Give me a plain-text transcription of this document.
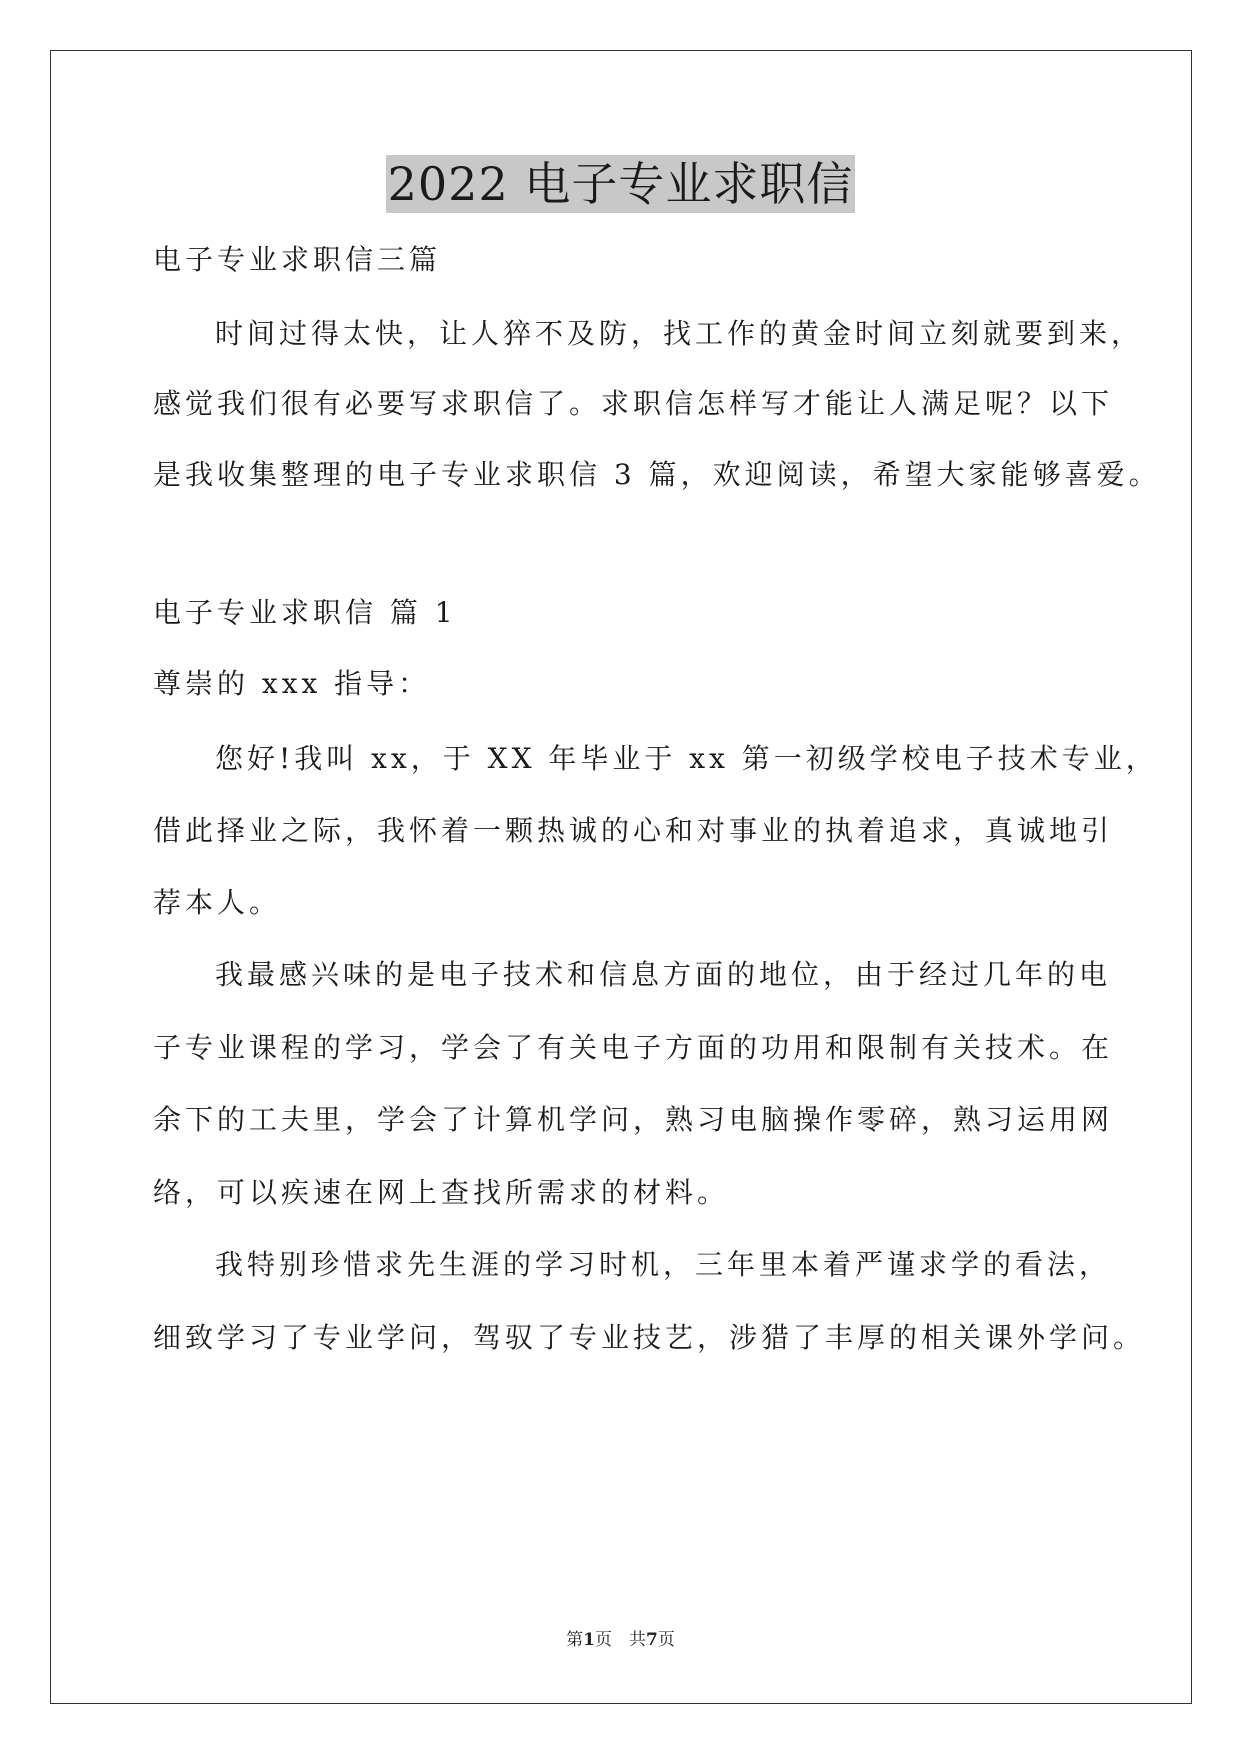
2022 电子专业求职信
电子专业求职信三篇
时间过得太快，让人猝不及防，找工作的黄金时间立刻就要到来，
感觉我们很有必要写求职信了。求职信怎样写才能让人满足呢？以下
是我收集整理的电子专业求职信 3 篇，欢迎阅读，希望大家能够喜爱。
电子专业求职信 篇 1
尊崇的 xxx 指导：
您好!我叫 xx，于 XX 年毕业于 xx 第一初级学校电子技术专业，
借此择业之际，我怀着一颗热诚的心和对事业的执着追求，真诚地引
荐本人。
我最感兴味的是电子技术和信息方面的地位，由于经过几年的电
子专业课程的学习，学会了有关电子方面的功用和限制有关技术。在
余下的工夫里，学会了计算机学问，熟习电脑操作零碎，熟习运用网
络，可以疾速在网上查找所需求的材料。
我特别珍惜求先生涯的学习时机，三年里本着严谨求学的看法，
细致学习了专业学问，驾驭了专业技艺，涉猎了丰厚的相关课外学问。
第1页　共7页
